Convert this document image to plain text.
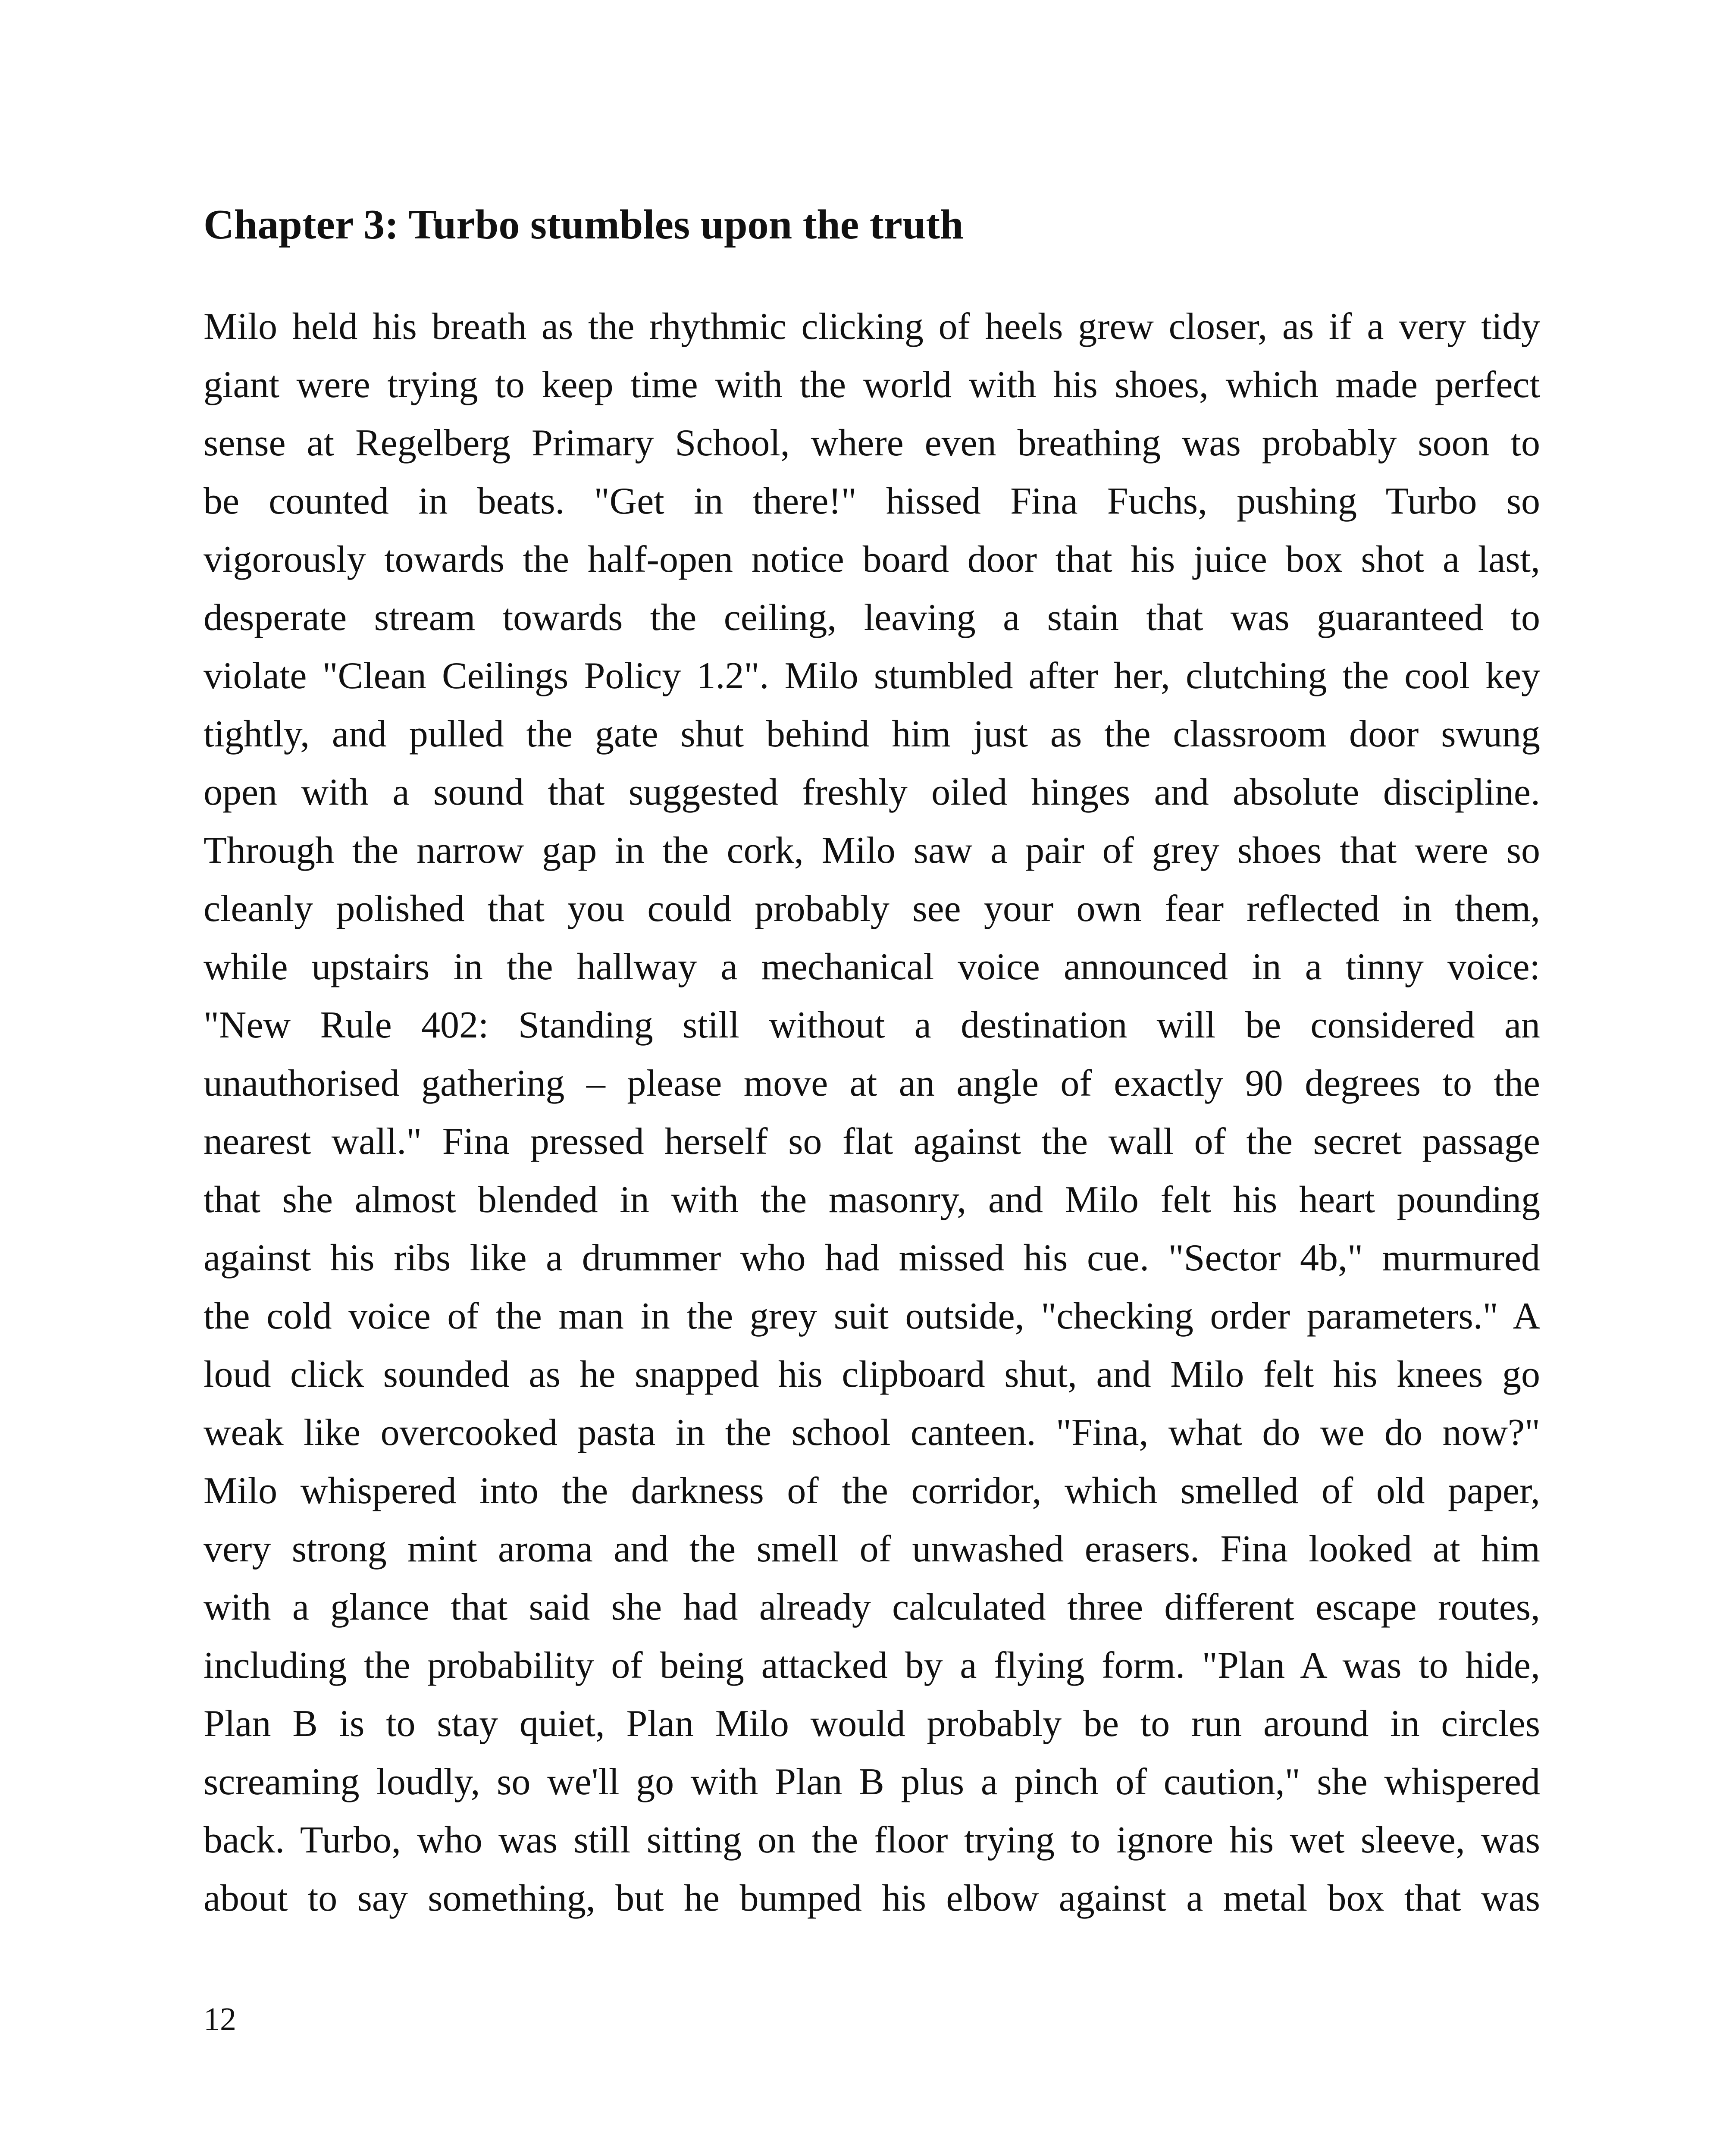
Chapter 3: Turbo stumbles upon the truth
Milo held his breath as the rhythmic clicking of heels grew closer, as if a very tidy
giant were trying to keep time with the world with his shoes, which made perfect
sense at Regelberg Primary School, where even breathing was probably soon to
be counted in beats. "Get in there!" hissed Fina Fuchs, pushing Turbo so
vigorously towards the half-open notice board door that his juice box shot a last,
desperate stream towards the ceiling, leaving a stain that was guaranteed to
violate "Clean Ceilings Policy 1.2". Milo stumbled after her, clutching the cool key
tightly, and pulled the gate shut behind him just as the classroom door swung
open with a sound that suggested freshly oiled hinges and absolute discipline.
Through the narrow gap in the cork, Milo saw a pair of grey shoes that were so
cleanly polished that you could probably see your own fear reflected in them,
while upstairs in the hallway a mechanical voice announced in a tinny voice:
"New Rule 402: Standing still without a destination will be considered an
unauthorised gathering – please move at an angle of exactly 90 degrees to the
nearest wall." Fina pressed herself so flat against the wall of the secret passage
that she almost blended in with the masonry, and Milo felt his heart pounding
against his ribs like a drummer who had missed his cue. "Sector 4b," murmured
the cold voice of the man in the grey suit outside, "checking order parameters." A
loud click sounded as he snapped his clipboard shut, and Milo felt his knees go
weak like overcooked pasta in the school canteen. "Fina, what do we do now?"
Milo whispered into the darkness of the corridor, which smelled of old paper,
very strong mint aroma and the smell of unwashed erasers. Fina looked at him
with a glance that said she had already calculated three different escape routes,
including the probability of being attacked by a flying form. "Plan A was to hide,
Plan B is to stay quiet, Plan Milo would probably be to run around in circles
screaming loudly, so we'll go with Plan B plus a pinch of caution," she whispered
back. Turbo, who was still sitting on the floor trying to ignore his wet sleeve, was
about to say something, but he bumped his elbow against a metal box that was

12
